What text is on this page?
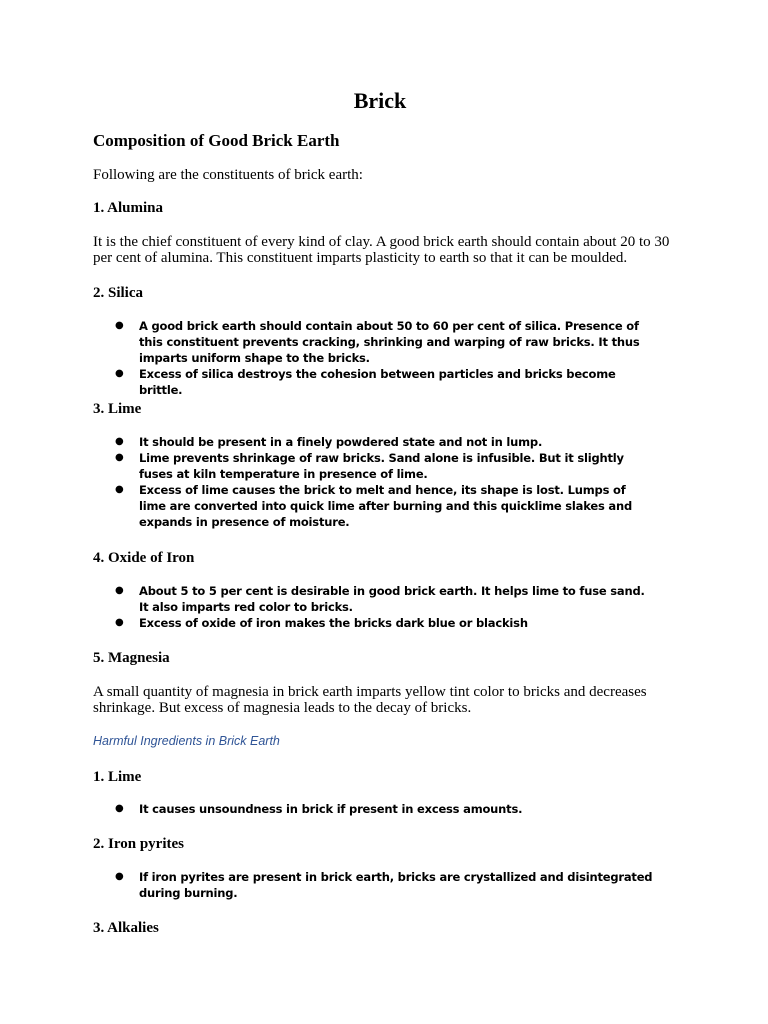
Brick
Composition of Good Brick Earth
Following are the constituents of brick earth:
1. Alumina
It is the chief constituent of every kind of clay. A good brick earth should contain about 20 to 30 per cent of alumina. This constituent imparts plasticity to earth so that it can be moulded.
2. Silica
● A good brick earth should contain about 50 to 60 per cent of silica. Presence of this constituent prevents cracking, shrinking and warping of raw bricks. It thus imparts uniform shape to the bricks.
● Excess of silica destroys the cohesion between particles and bricks become brittle.
3. Lime
● It should be present in a finely powdered state and not in lump.
● Lime prevents shrinkage of raw bricks. Sand alone is infusible. But it slightly fuses at kiln temperature in presence of lime.
● Excess of lime causes the brick to melt and hence, its shape is lost. Lumps of lime are converted into quick lime after burning and this quicklime slakes and expands in presence of moisture.
4. Oxide of Iron
● About 5 to 5 per cent is desirable in good brick earth. It helps lime to fuse sand. It also imparts red color to bricks.
● Excess of oxide of iron makes the bricks dark blue or blackish
5. Magnesia
A small quantity of magnesia in brick earth imparts yellow tint color to bricks and decreases shrinkage. But excess of magnesia leads to the decay of bricks.
Harmful Ingredients in Brick Earth
1. Lime
● It causes unsoundness in brick if present in excess amounts.
2. Iron pyrites
● If iron pyrites are present in brick earth, bricks are crystallized and disintegrated during burning.
3. Alkalies
